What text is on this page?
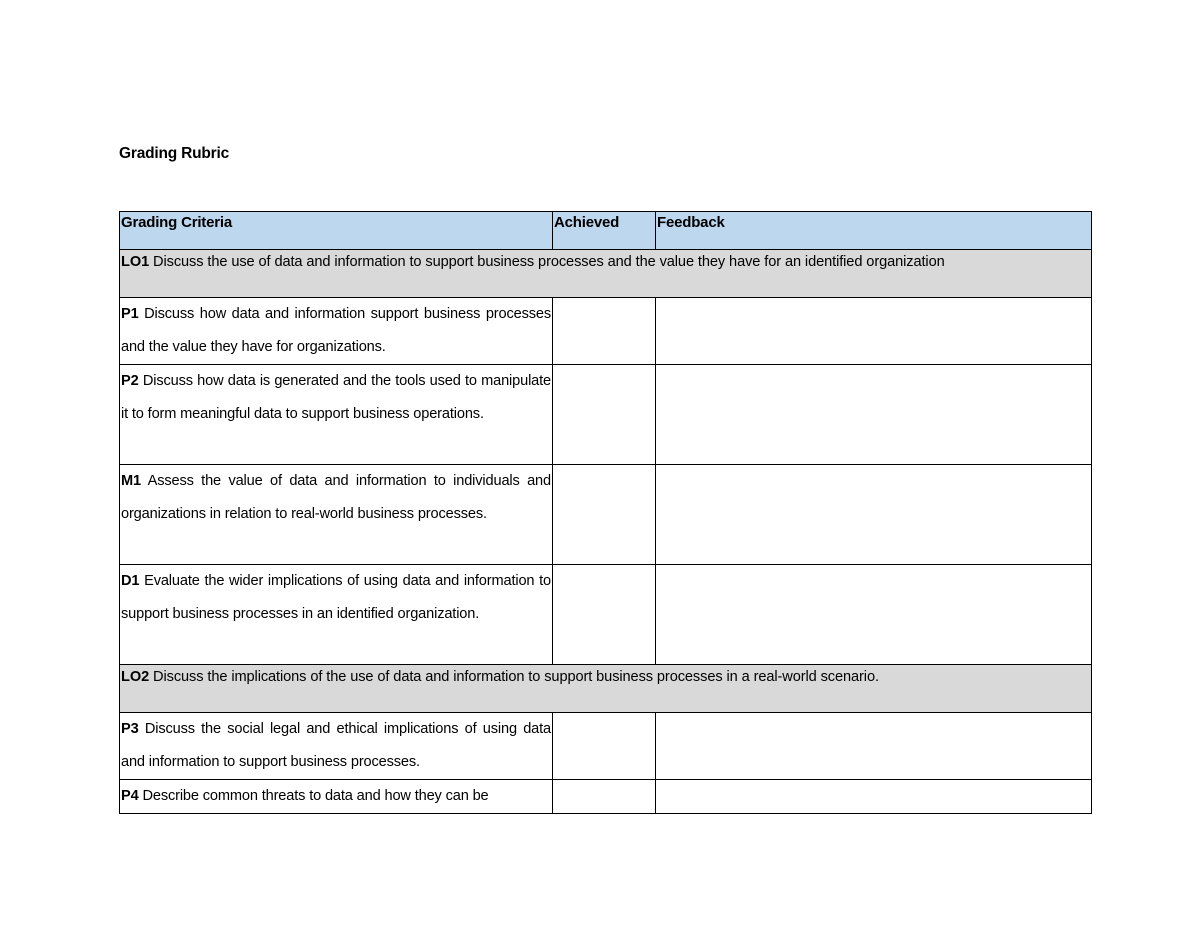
Grading Rubric
Grading Criteria	Achieved	Feedback
LO1 Discuss the use of data and information to support business processes and the value they have for an identified organization		
P1 Discuss how data and information support business processes and the value they have for organizations.		
P2 Discuss how data is generated and the tools used to manipulate it to form meaningful data to support business operations.		
M1 Assess the value of data and information to individuals and organizations in relation to real-world business processes.		
D1 Evaluate the wider implications of using data and information to support business processes in an identified organization.		
LO2 Discuss the implications of the use of data and information to support business processes in a real-world scenario.		
P3 Discuss the social legal and ethical implications of using data and information to support business processes.		
P4 Describe common threats to data and how they can be		
